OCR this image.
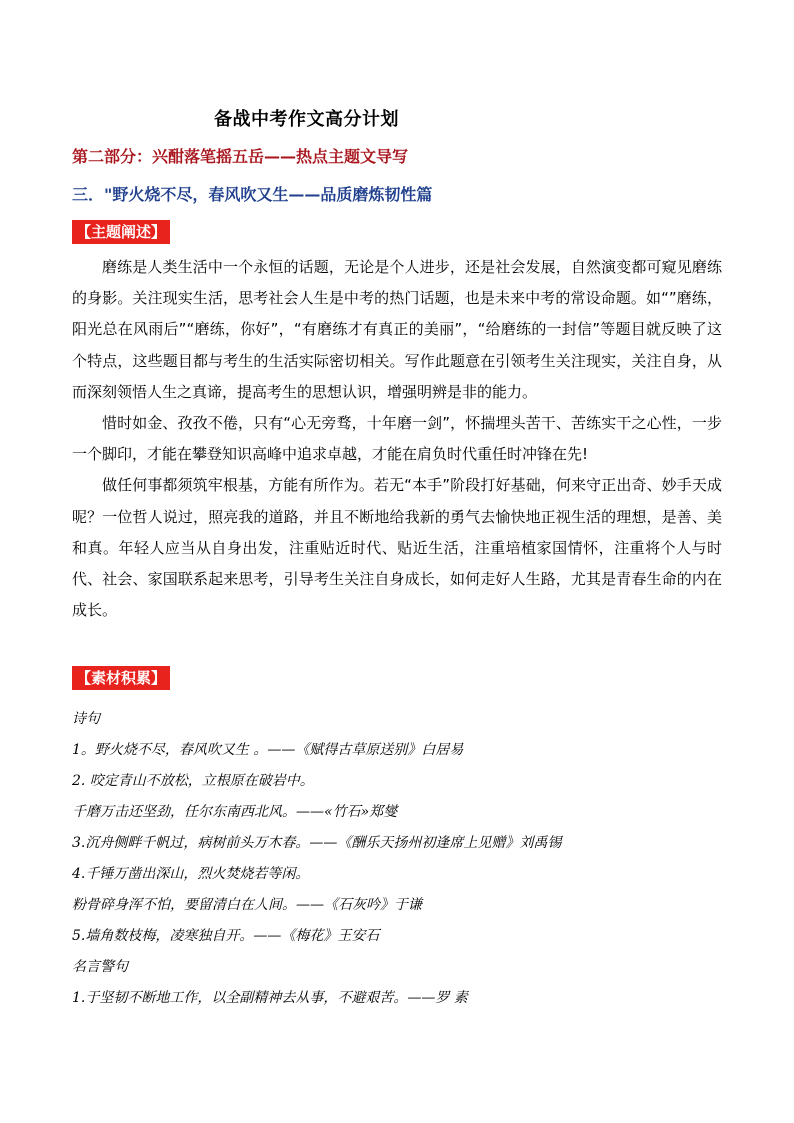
备战中考作文高分计划
第二部分：兴酣落笔摇五岳——热点主题文导写
三．"野火烧不尽，春风吹又生——品质磨炼韧性篇
【主题阐述】

磨练是人类生活中一个永恒的话题，无论是个人进步，还是社会发展，自然演变都可窥见磨练的身影。关注现实生活，思考社会人生是中考的热门话题，也是未来中考的常设命题。如“”磨练，阳光总在风雨后”“磨练，你好”，“有磨练才有真正的美丽”，“给磨练的一封信”等题目就反映了这个特点，这些题目都与考生的生活实际密切相关。写作此题意在引领考生关注现实，关注自身，从而深刻领悟人生之真谛，提高考生的思想认识，增强明辨是非的能力。

惜时如金、孜孜不倦，只有“心无旁骛，十年磨一剑”，怀揣埋头苦干、苦练实干之心性，一步一个脚印，才能在攀登知识高峰中追求卓越，才能在肩负时代重任时冲锋在先!

做任何事都须筑牢根基，方能有所作为。若无“本手”阶段打好基础，何来守正出奇、妙手天成呢？一位哲人说过，照亮我的道路，并且不断地给我新的勇气去愉快地正视生活的理想，是善、美和真。年轻人应当从自身出发，注重贴近时代、贴近生活，注重培植家国情怀，注重将个人与时代、社会、家国联系起来思考，引导考生关注自身成长，如何走好人生路，尤其是青春生命的内在成长。

【素材积累】
诗句
1。野火烧不尽，春风吹又生 。——《赋得古草原送别》白居易
2. 咬定青山不放松，立根原在破岩中。
千磨万击还坚劲，任尔东南西北风。——«竹石»郑燮
3.沉舟侧畔千帆过，病树前头万木春。——《酬乐天扬州初逢席上见赠》刘禹锡
4.千锤万凿出深山，烈火焚烧若等闲。
粉骨碎身浑不怕，要留清白在人间。——《石灰吟》于谦
5.墙角数枝梅，凌寒独自开。——《梅花》王安石
名言警句
1.于坚韧不断地工作，以全副精神去从事，不避艰苦。——罗 素
